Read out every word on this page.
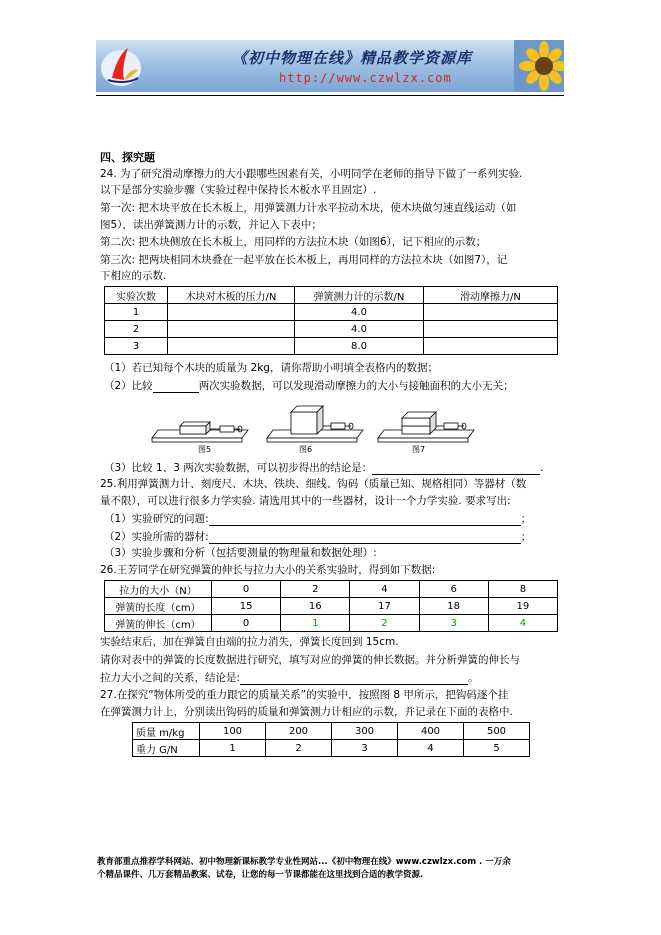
《初中物理在线》精品教学资源库
http://www.czwlzx.com
四、探究题
24. 为了研究滑动摩擦力的大小跟哪些因素有关，小明同学在老师的指导下做了一系列实验.
以下是部分实验步骤（实验过程中保持长木板水平且固定）.
第一次: 把木块平放在长木板上，用弹簧测力计水平拉动木块，使木块做匀速直线运动（如
图5），读出弹簧测力计的示数，并记入下表中；
第二次: 把木块侧放在长木板上，用同样的方法拉木块（如图6），记下相应的示数；
第三次: 把两块相同木块叠在一起平放在长木板上，再用同样的方法拉木块（如图7），记
下相应的示数.
实验次数	木块对木板的压力/N	弹簧测力计的示数/N	滑动摩擦力/N
1		4.0	
2		4.0	
3		8.0	
（1）若已知每个木块的质量为 2kg，请你帮助小明填全表格内的数据；
（2）比较	两次实验数据，可以发现滑动摩擦力的大小与接触面积的大小无关；
图5	图6	图7
（3）比较 1、3 两次实验数据，可以初步得出的结论是：	.
25.利用弹簧测力计、刻度尺、木块、铁块、细线、钩码（质量已知、规格相同）等器材（数
量不限），可以进行很多力学实验. 请选用其中的一些器材，设计一个力学实验. 要求写出:
（1）实验研究的问题:	；
（2）实验所需的器材:	；
（3）实验步骤和分析（包括要测量的物理量和数据处理）:
26.王芳同学在研究弹簧的伸长与拉力大小的关系实验时，得到如下数据:
拉力的大小（N）	0	2	4	6	8
弹簧的长度（cm）	15	16	17	18	19
弹簧的伸长（cm）	0	1	2	3	4
实验结束后，加在弹簧自由端的拉力消失，弹簧长度回到 15cm.
请你对表中的弹簧的长度数据进行研究，填写对应的弹簧的伸长数据。并分析弹簧的伸长与
拉力大小之间的关系，结论是:	。
27.在探究“物体所受的重力跟它的质量关系”的实验中，按照图 8 甲所示，把钩码逐个挂
在弹簧测力计上，分别读出钩码的质量和弹簧测力计相应的示数，并记录在下面的表格中.
质量 m/kg	100	200	300	400	500
重力 G/N	1	2	3	4	5
教育部重点推荐学科网站、初中物理新课标教学专业性网站...《初中物理在线》www.czwlzx.com . 一万余
个精品课件、几万套精品教案、试卷，让您的每一节课都能在这里找到合适的教学资源.
